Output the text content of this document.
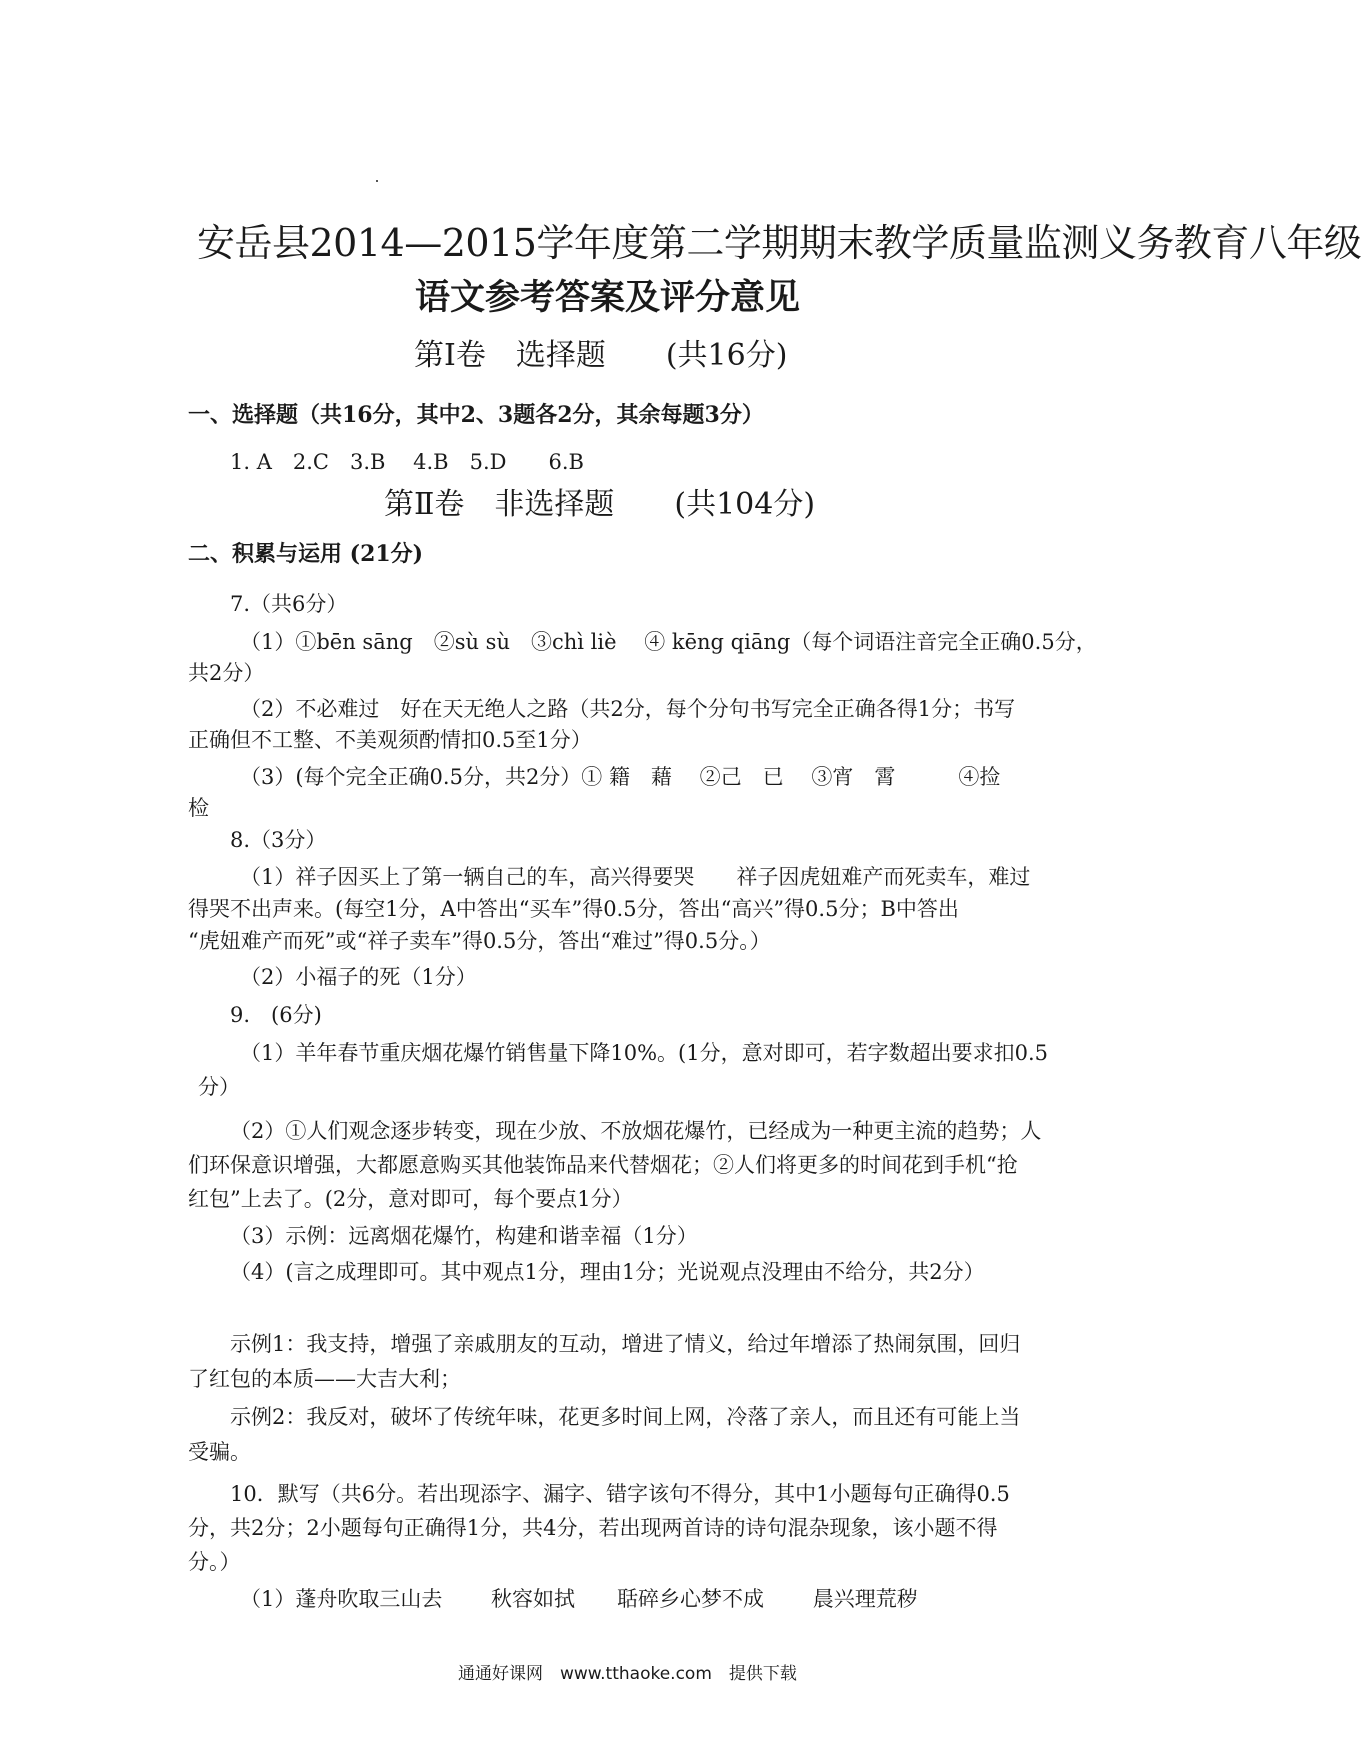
安岳县2014—2015学年度第二学期期末教学质量监测义务教育八年级
语文参考答案及评分意见
第Ⅰ卷　选择题　　(共16分)
一、选择题（共16分，其中2、3题各2分，其余每题3分）
1. A　2.C　3.B　 4.B　5.D　　6.B
第Ⅱ卷　非选择题　　(共104分)
二、积累与运用 (21分)
7.（共6分）
（1）①bēn sāng　②sù sù　③chì liè　 ④ kēng qiāng（每个词语注音完全正确0.5分，
共2分）
（2）不必难过　好在天无绝人之路（共2分，每个分句书写完全正确各得1分；书写
正确但不工整、不美观须酌情扣0.5至1分）
（3）(每个完全正确0.5分，共2分）① 籍　藉　 ②己　已　 ③宵　霄　　　④捡
检
8.（3分）
（1）祥子因买上了第一辆自己的车，高兴得要哭　　祥子因虎妞难产而死卖车，难过
得哭不出声来。(每空1分，A中答出“买车”得0.5分，答出“高兴”得0.5分；B中答出
“虎妞难产而死”或“祥子卖车”得0.5分，答出“难过”得0.5分。）
（2）小福子的死（1分）
9.　(6分)
（1）羊年春节重庆烟花爆竹销售量下降10%。(1分，意对即可，若字数超出要求扣0.5
分）
（2）①人们观念逐步转变，现在少放、不放烟花爆竹，已经成为一种更主流的趋势；人
们环保意识增强，大都愿意购买其他装饰品来代替烟花；②人们将更多的时间花到手机“抢
红包”上去了。(2分，意对即可，每个要点1分）
（3）示例：远离烟花爆竹，构建和谐幸福（1分）
（4）(言之成理即可。其中观点1分，理由1分；光说观点没理由不给分，共2分）
示例1：我支持，增强了亲戚朋友的互动，增进了情义，给过年增添了热闹氛围，回归
了红包的本质——大吉大利；
示例2：我反对，破坏了传统年味，花更多时间上网，冷落了亲人，而且还有可能上当
受骗。
10．默写（共6分。若出现添字、漏字、错字该句不得分，其中1小题每句正确得0.5
分，共2分；2小题每句正确得1分，共4分，若出现两首诗的诗句混杂现象，该小题不得
分。）
（1）蓬舟吹取三山去　　 秋容如拭　　聒碎乡心梦不成　　 晨兴理荒秽
通通好课网　www.tthaoke.com　提供下载
